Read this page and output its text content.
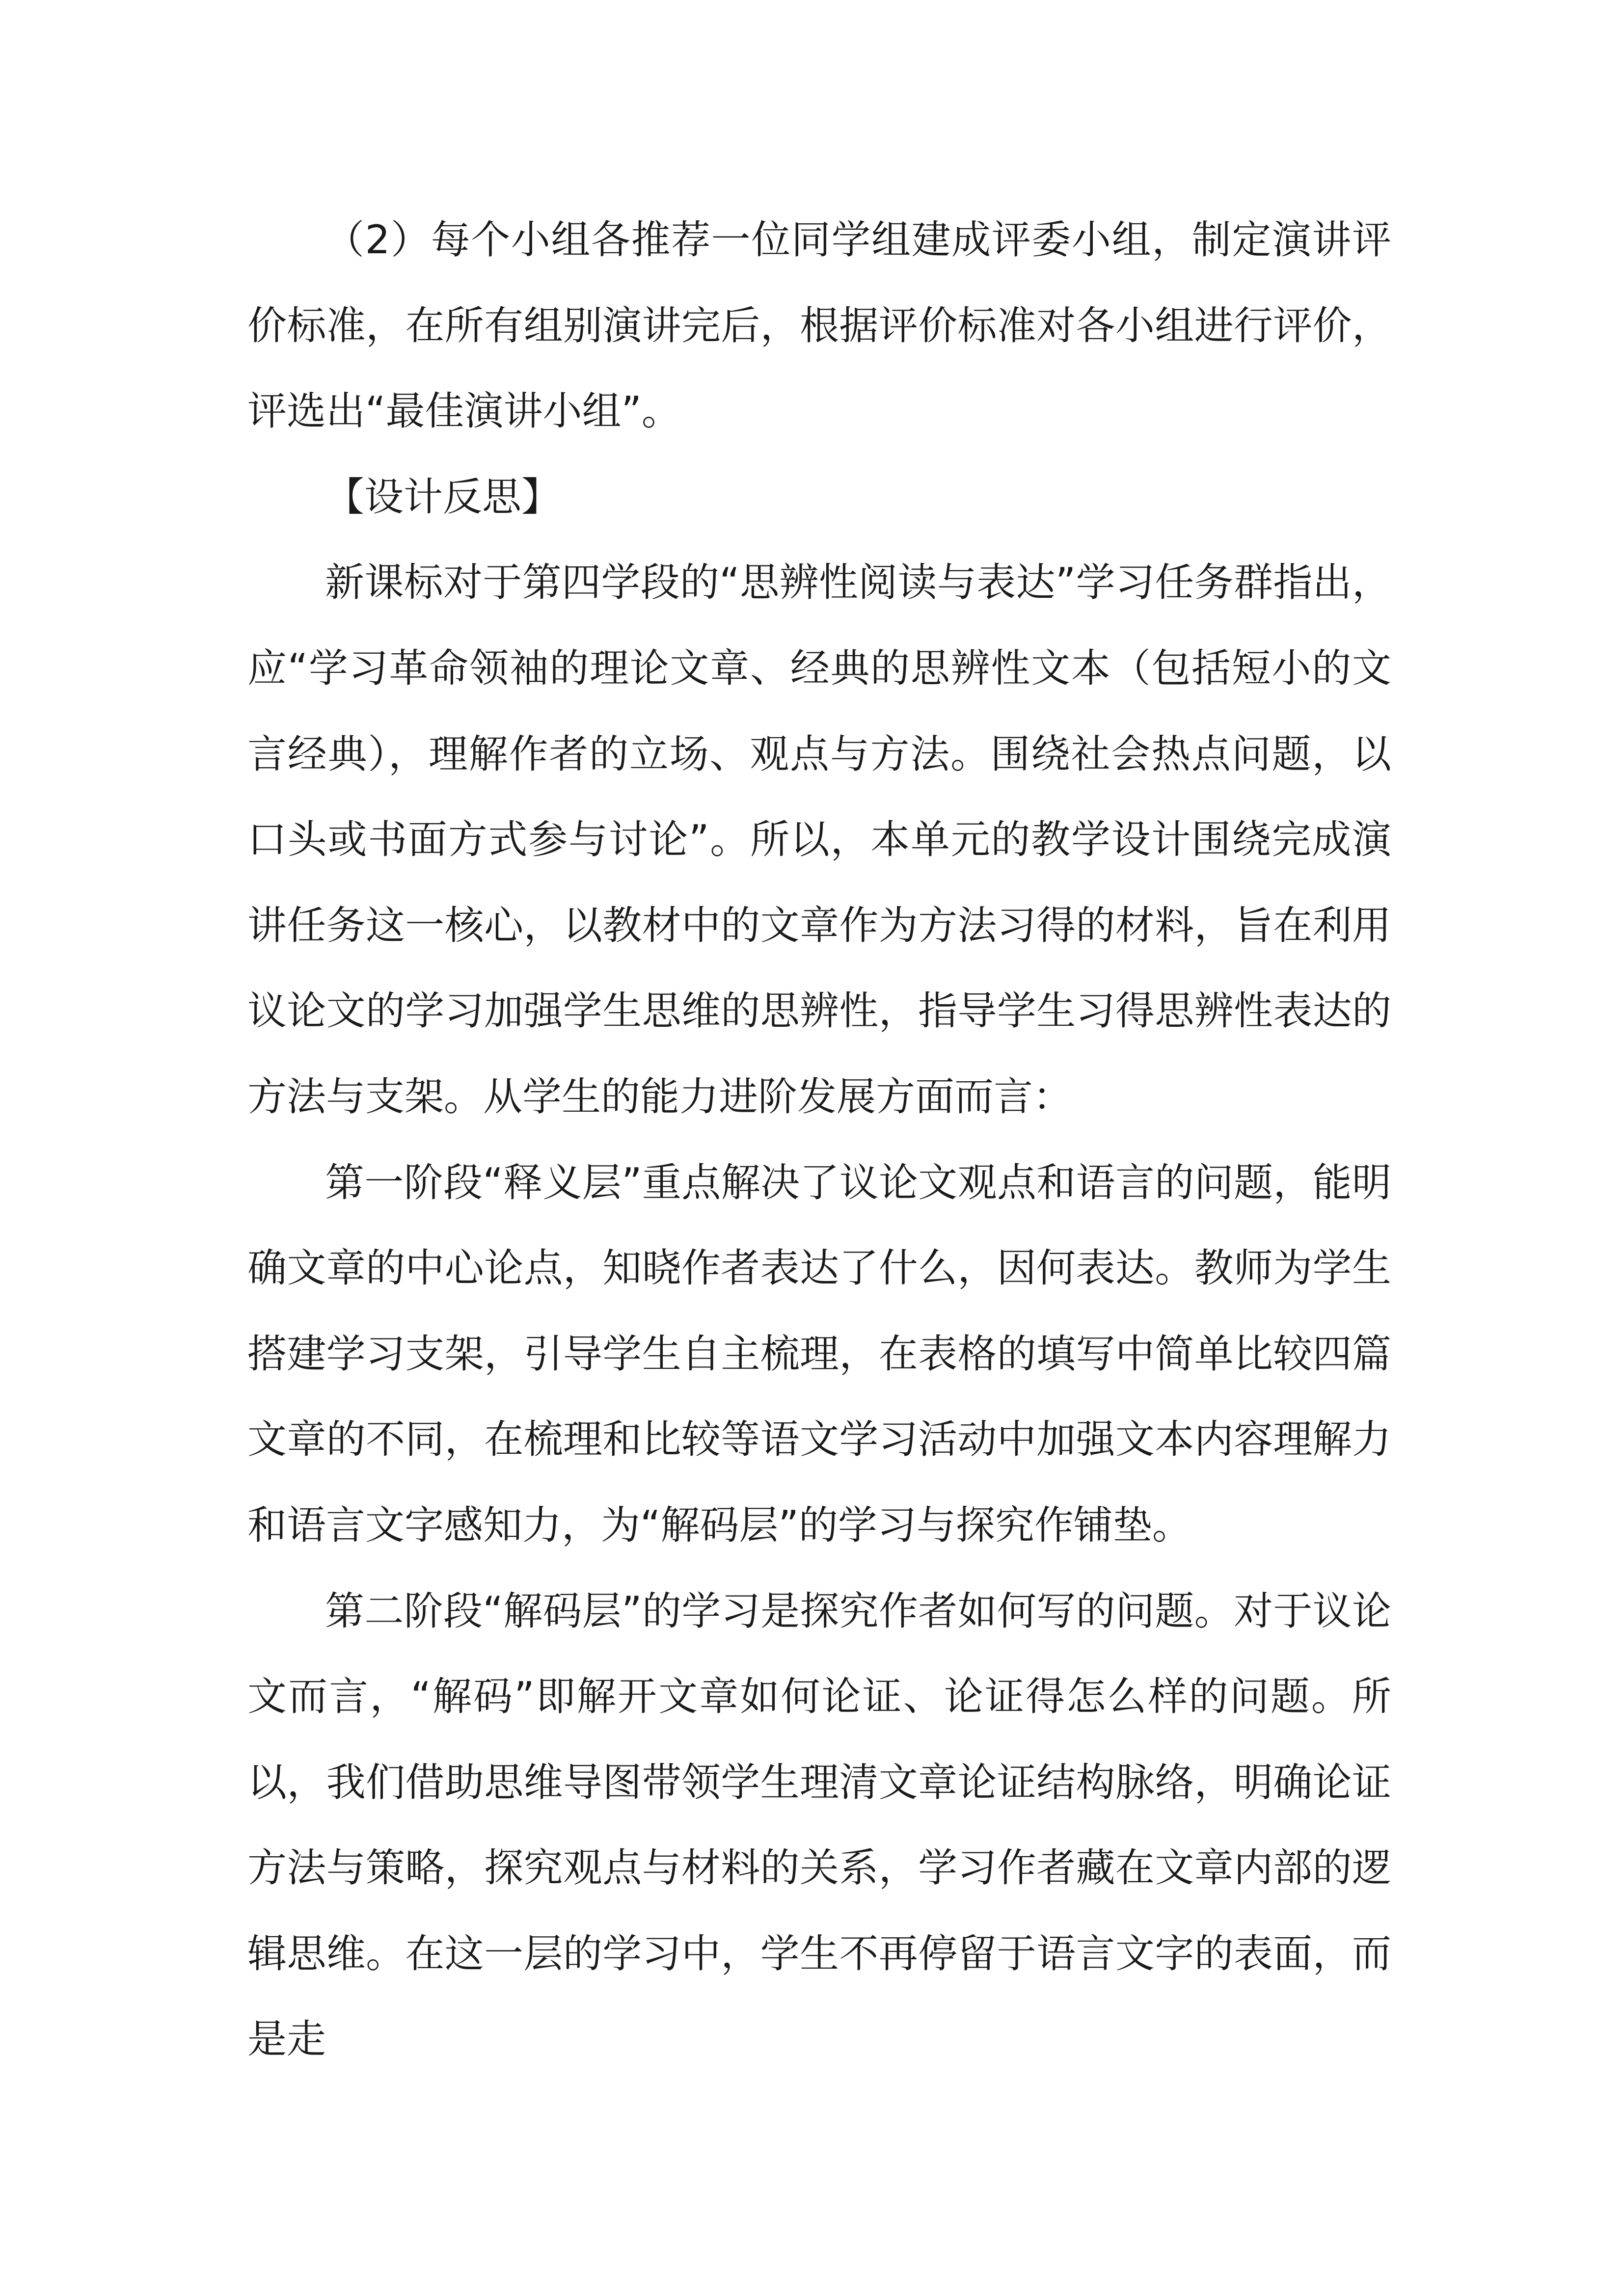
（2）每个小组各推荐一位同学组建成评委小组，制定演讲评价标准，在所有组别演讲完后，根据评价标准对各小组进行评价，评选出“最佳演讲小组”。

【设计反思】

新课标对于第四学段的“思辨性阅读与表达”学习任务群指出，应“学习革命领袖的理论文章、经典的思辨性文本（包括短小的文言经典），理解作者的立场、观点与方法。围绕社会热点问题，以口头或书面方式参与讨论”。所以，本单元的教学设计围绕完成演讲任务这一核心，以教材中的文章作为方法习得的材料，旨在利用议论文的学习加强学生思维的思辨性，指导学生习得思辨性表达的方法与支架。从学生的能力进阶发展方面而言：

第一阶段“释义层”重点解决了议论文观点和语言的问题，能明确文章的中心论点，知晓作者表达了什么，因何表达。教师为学生搭建学习支架，引导学生自主梳理，在表格的填写中简单比较四篇文章的不同，在梳理和比较等语文学习活动中加强文本内容理解力和语言文字感知力，为“解码层”的学习与探究作铺垫。

第二阶段“解码层”的学习是探究作者如何写的问题。对于议论文而言，“解码”即解开文章如何论证、论证得怎么样的问题。所以，我们借助思维导图带领学生理清文章论证结构脉络，明确论证方法与策略，探究观点与材料的关系，学习作者藏在文章内部的逻辑思维。在这一层的学习中，学生不再停留于语言文字的表面，而是走
